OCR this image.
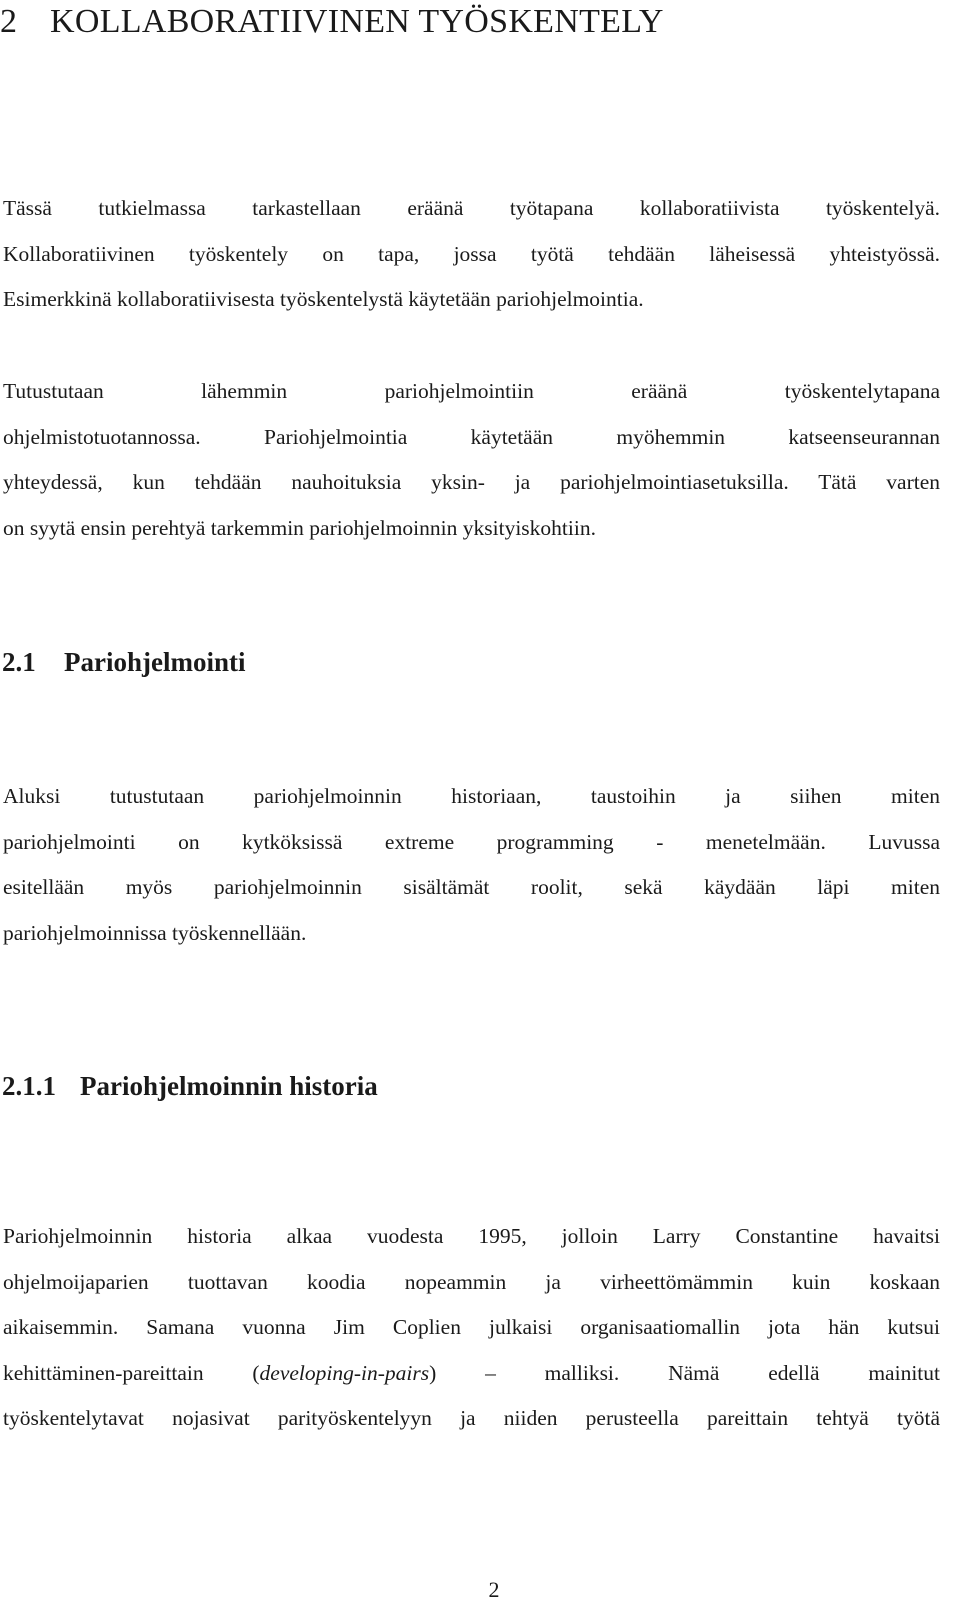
2 KOLLABORATIIVINEN TYÖSKENTELY

Tässä tutkielmassa tarkastellaan eräänä työtapana kollaboratiivista työskentelyä.
Kollaboratiivinen työskentely on tapa, jossa työtä tehdään läheisessä yhteistyössä.
Esimerkkinä kollaboratiivisesta työskentelystä käytetään pariohjelmointia.

Tutustutaan lähemmin pariohjelmointiin eräänä työskentelytapana
ohjelmistotuotannossa. Pariohjelmointia käytetään myöhemmin katseenseurannan
yhteydessä, kun tehdään nauhoituksia yksin- ja pariohjelmointiasetuksilla. Tätä varten
on syytä ensin perehtyä tarkemmin pariohjelmoinnin yksityiskohtiin.

2.1 Pariohjelmointi

Aluksi tutustutaan pariohjelmoinnin historiaan, taustoihin ja siihen miten
pariohjelmointi on kytköksissä extreme programming - menetelmään. Luvussa
esitellään myös pariohjelmoinnin sisältämät roolit, sekä käydään läpi miten
pariohjelmoinnissa työskennellään.

2.1.1 Pariohjelmoinnin historia

Pariohjelmoinnin historia alkaa vuodesta 1995, jolloin Larry Constantine havaitsi
ohjelmoijaparien tuottavan koodia nopeammin ja virheettömämmin kuin koskaan
aikaisemmin. Samana vuonna Jim Coplien julkaisi organisaatiomallin jota hän kutsui
kehittäminen-pareittain (developing-in-pairs) – malliksi. Nämä edellä mainitut
työskentelytavat nojasivat parityöskentelyyn ja niiden perusteella pareittain tehtyä työtä

2
